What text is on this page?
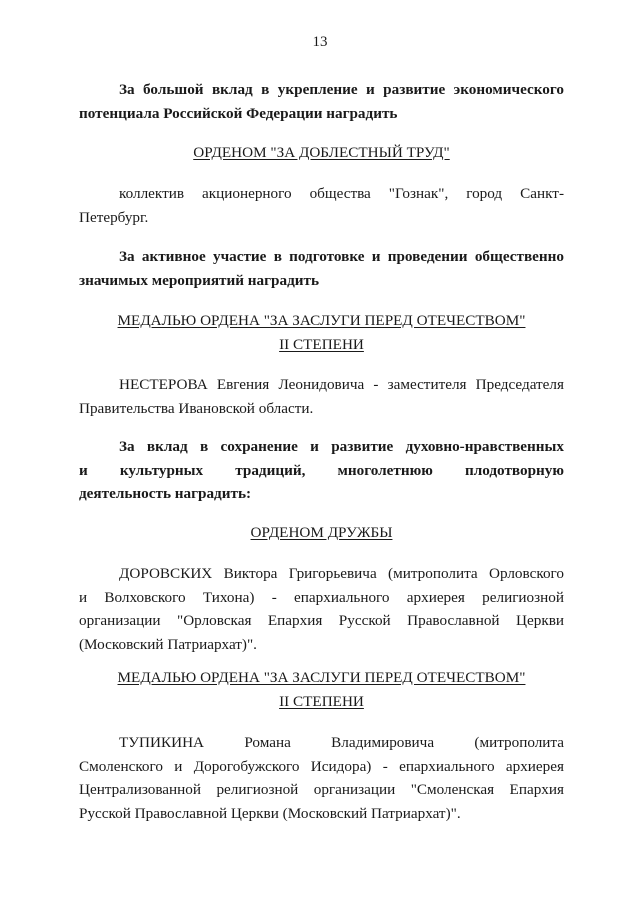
13
За большой вклад в укрепление и развитие экономического
потенциала Российской Федерации наградить
ОРДЕНОМ "ЗА ДОБЛЕСТНЫЙ ТРУД"
коллектив акционерного общества "Гознак", город Санкт-
Петербург.
За активное участие в подготовке и проведении общественно
значимых мероприятий наградить
МЕДАЛЬЮ ОРДЕНА "ЗА ЗАСЛУГИ ПЕРЕД ОТЕЧЕСТВОМ"
II СТЕПЕНИ
НЕСТЕРОВА Евгения Леонидовича - заместителя Председателя
Правительства Ивановской области.
За вклад в сохранение и развитие духовно-нравственных
и культурных традиций, многолетнюю плодотворную
деятельность наградить:
ОРДЕНОМ ДРУЖБЫ
ДОРОВСКИХ Виктора Григорьевича (митрополита Орловского
и Волховского Тихона) - епархиального архиерея религиозной
организации "Орловская Епархия Русской Православной Церкви
(Московский Патриархат)".
МЕДАЛЬЮ ОРДЕНА "ЗА ЗАСЛУГИ ПЕРЕД ОТЕЧЕСТВОМ"
II СТЕПЕНИ
ТУПИКИНА Романа Владимировича (митрополита
Смоленского и Дорогобужского Исидора) - епархиального архиерея
Централизованной религиозной организации "Смоленская Епархия
Русской Православной Церкви (Московский Патриархат)".
